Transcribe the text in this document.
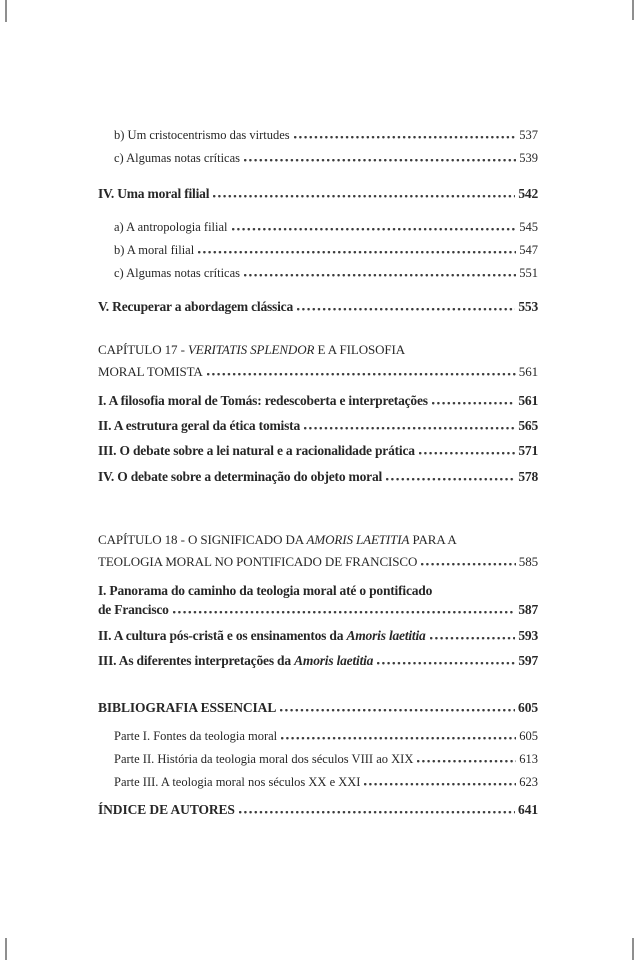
b) Um cristocentrismo das virtudes	537
c) Algumas notas críticas	539
IV. Uma moral filial	542
a) A antropologia filial	545
b) A moral filial	547
c) Algumas notas críticas	551
V. Recuperar a abordagem clássica	553
CAPÍTULO 17 - VERITATIS SPLENDOR E A FILOSOFIA
MORAL TOMISTA	561
I. A filosofia moral de Tomás: redescoberta e interpretações	561
II. A estrutura geral da ética tomista	565
III. O debate sobre a lei natural e a racionalidade prática	571
IV. O debate sobre a determinação do objeto moral	578
CAPÍTULO 18 - O SIGNIFICADO DA AMORIS LAETITIA PARA A
TEOLOGIA MORAL NO PONTIFICADO DE FRANCISCO	585
I. Panorama do caminho da teologia moral até o pontificado
de Francisco	587
II. A cultura pós-cristã e os ensinamentos da Amoris laetitia	593
III. As diferentes interpretações da Amoris laetitia	597
BIBLIOGRAFIA ESSENCIAL	605
Parte I. Fontes da teologia moral	605
Parte II. História da teologia moral dos séculos VIII ao XIX	613
Parte III. A teologia moral nos séculos XX e XXI	623
ÍNDICE DE AUTORES	641
